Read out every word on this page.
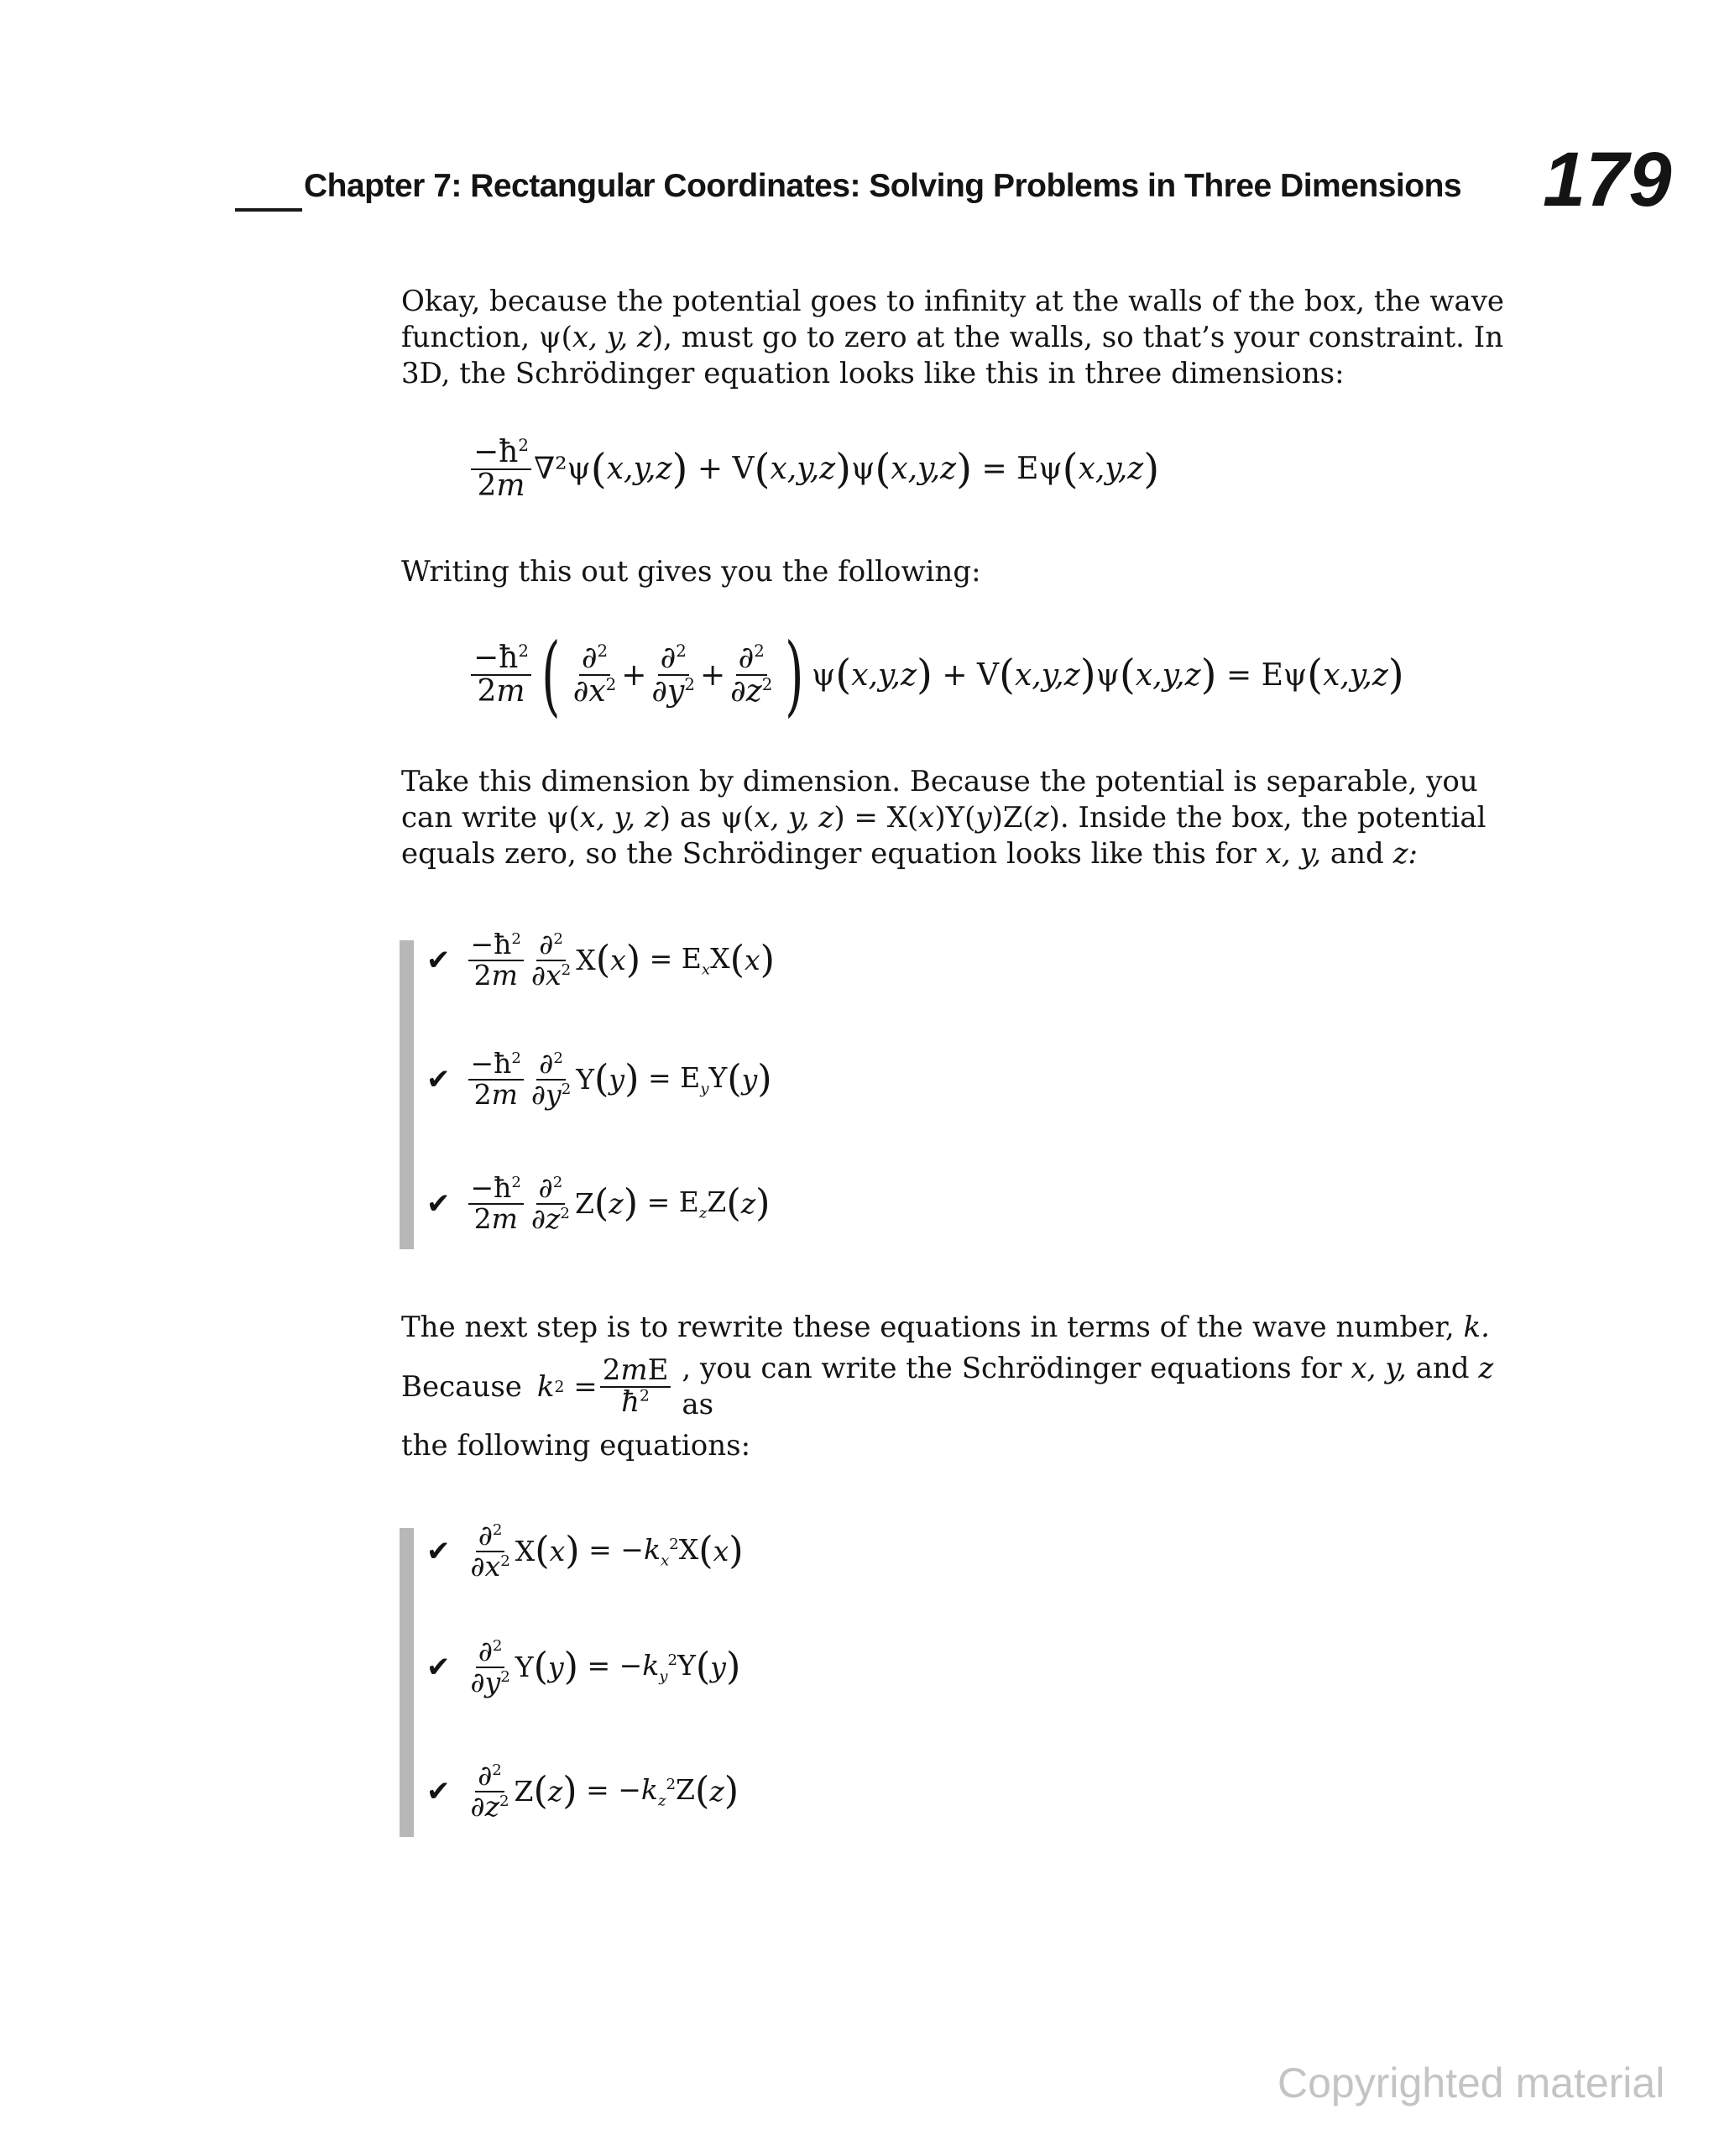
Chapter 7: Rectangular Coordinates: Solving Problems in Three Dimensions 179

Okay, because the potential goes to infinity at the walls of the box, the wave function, ψ(x, y, z), must go to zero at the walls, so that’s your constraint. In 3D, the Schrödinger equation looks like this in three dimensions:

$\frac{-ħ^2}{2m} \nabla^2\psi$ ( x,y,z ) + V ( x,y,z ) ψ ( x,y,z ) = Eψ ( x,y,z )

Writing this out gives you the following:

$\frac{-ħ^2}{2m}$ ( $\frac{\partial^2}{\partial x^2} + \frac{\partial^2}{\partial y^2} + \frac{\partial^2}{\partial z^2}$ ) ψ ( x,y,z ) + V ( x,y,z ) ψ ( x,y,z ) = Eψ ( x,y,z )

Take this dimension by dimension. Because the potential is separable, you can write ψ(x, y, z) as ψ(x, y, z) = X(x)Y(y)Z(z). Inside the box, the potential equals zero, so the Schrödinger equation looks like this for x, y, and z:

✔ $\frac{-ħ^2}{2m} \frac{\partial^2}{\partial x^2}$ X ( x ) = $E_xX$ ( x )
✔ $\frac{-ħ^2}{2m} \frac{\partial^2}{\partial y^2}$ Y ( y ) = $E_yY$ ( y )
✔ $\frac{-ħ^2}{2m} \frac{\partial^2}{\partial z^2}$ Z ( z ) = $E_zZ$ ( z )

The next step is to rewrite these equations in terms of the wave number, k.

Because k $2 = \frac{2mE}{ħ^2}$ , you can write the Schrödinger equations for x, y, and z as

the following equations:

✔ $\frac{\partial^2}{\partial x^2}$ X ( x ) = $-k_x^2X$ ( x )
✔ $\frac{\partial^2}{\partial y^2}$ Y ( y ) = $-k_y^2Y$ ( y )
✔ $\frac{\partial^2}{\partial z^2}$ Z ( z ) = $-k_z^2Z$ ( z )
Copyrighted material
